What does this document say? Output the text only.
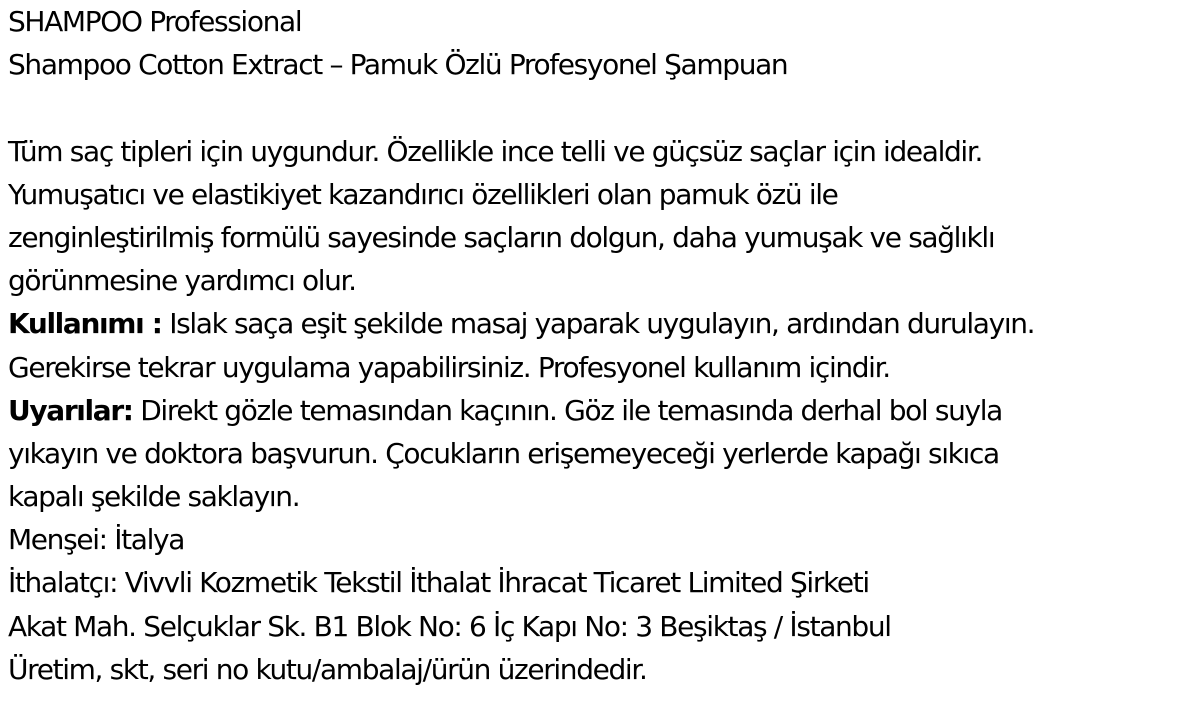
SHAMPOO Professional
Shampoo Cotton Extract – Pamuk Özlü Profesyonel Şampuan
Tüm saç tipleri için uygundur. Özellikle ince telli ve güçsüz saçlar için idealdir.
Yumuşatıcı ve elastikiyet kazandırıcı özellikleri olan pamuk özü ile
zenginleştirilmiş formülü sayesinde saçların dolgun, daha yumuşak ve sağlıklı
görünmesine yardımcı olur.
Kullanımı : Islak saça eşit şekilde masaj yaparak uygulayın, ardından durulayın.
Gerekirse tekrar uygulama yapabilirsiniz. Profesyonel kullanım içindir.
Uyarılar: Direkt gözle temasından kaçının. Göz ile temasında derhal bol suyla
yıkayın ve doktora başvurun. Çocukların erişemeyeceği yerlerde kapağı sıkıca
kapalı şekilde saklayın.
Menşei: İtalya
İthalatçı: Vivvli Kozmetik Tekstil İthalat İhracat Ticaret Limited Şirketi
Akat Mah. Selçuklar Sk. B1 Blok No: 6 İç Kapı No: 3 Beşiktaş / İstanbul
Üretim, skt, seri no kutu/ambalaj/ürün üzerindedir.
